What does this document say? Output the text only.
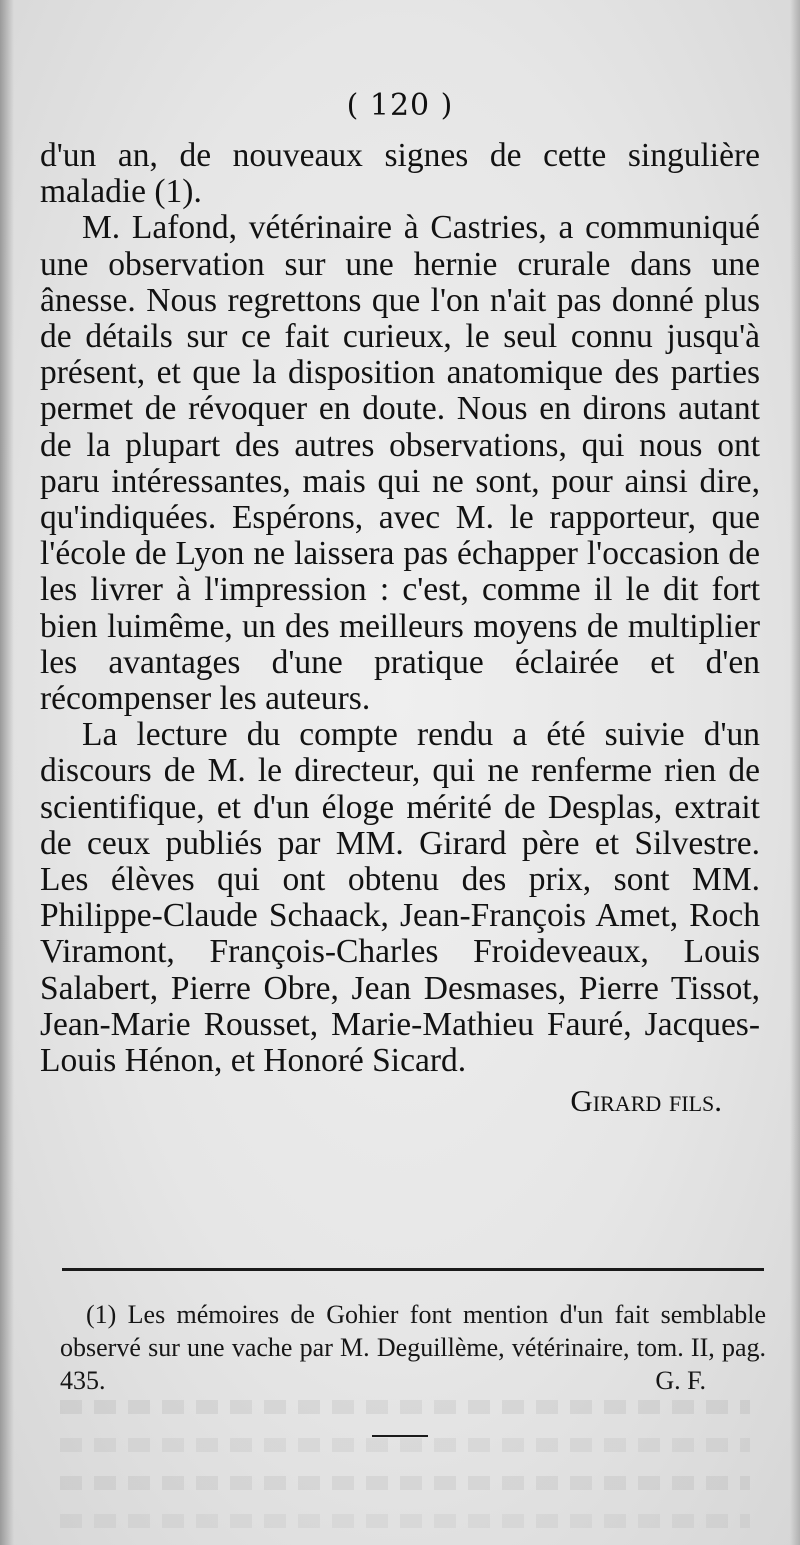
( 120 )

d'un an, de nouveaux signes de cette singulière maladie (1).

M. Lafond, vétérinaire à Castries, a communiqué une observation sur une hernie crurale dans une ânesse. Nous regrettons que l'on n'ait pas donné plus de détails sur ce fait curieux, le seul connu jusqu'à présent, et que la disposition anatomique des parties permet de révoquer en doute. Nous en dirons autant de la plupart des autres observations, qui nous ont paru intéressantes, mais qui ne sont, pour ainsi dire, qu'indiquées. Espérons, avec M. le rapporteur, que l'école de Lyon ne laissera pas échapper l'occasion de les livrer à l'impression : c'est, comme il le dit fort bien luimême, un des meilleurs moyens de multiplier les avantages d'une pratique éclairée et d'en récompenser les auteurs.

La lecture du compte rendu a été suivie d'un discours de M. le directeur, qui ne renferme rien de scientifique, et d'un éloge mérité de Desplas, extrait de ceux publiés par MM. Girard père et Silvestre. Les élèves qui ont obtenu des prix, sont MM. Philippe-Claude Schaack, Jean-François Amet, Roch Viramont, François-Charles Froideveaux, Louis Salabert, Pierre Obre, Jean Desmases, Pierre Tissot, Jean-Marie Rousset, Marie-Mathieu Fauré, Jacques-Louis Hénon, et Honoré Sicard.

Girard fils.

(1) Les mémoires de Gohier font mention d'un fait semblable observé sur une vache par M. Deguillème, vétérinaire, tom. II, pag. 435.	G. F.
